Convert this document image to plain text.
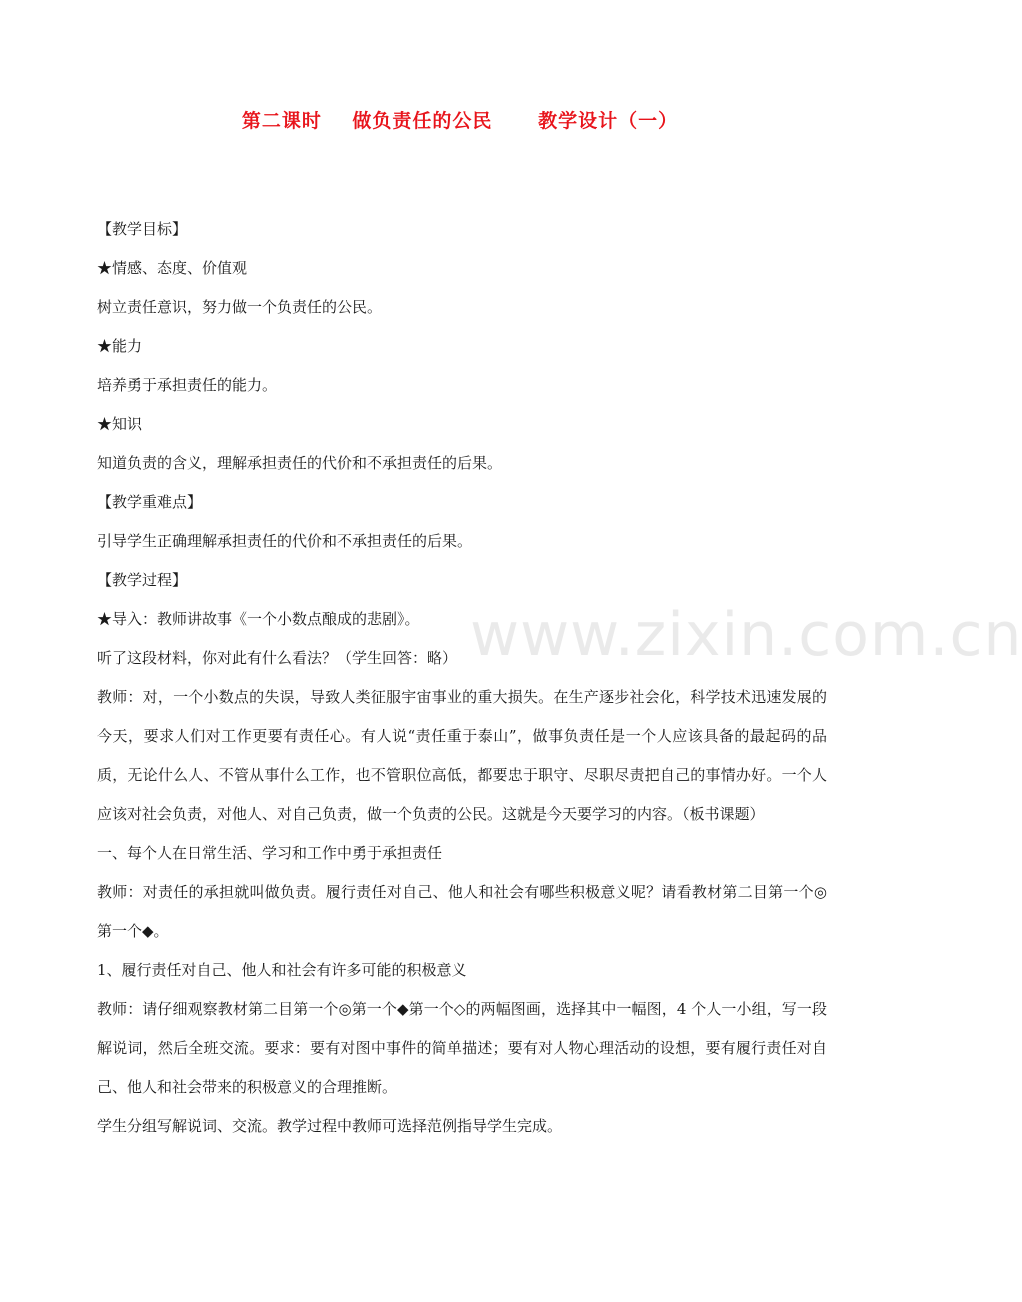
第二课时    做负责任的公民      教学设计（一）
www.zixin.com.cn

【教学目标】

★情感、态度、价值观

树立责任意识，努力做一个负责任的公民。

★能力

培养勇于承担责任的能力。

★知识

知道负责的含义，理解承担责任的代价和不承担责任的后果。

【教学重难点】

引导学生正确理解承担责任的代价和不承担责任的后果。

【教学过程】

★导入：教师讲故事《一个小数点酿成的悲剧》。

听了这段材料，你对此有什么看法？（学生回答：略）

教师：对，一个小数点的失误，导致人类征服宇宙事业的重大损失。在生产逐步社会化，科学技术迅速发展的今天，要求人们对工作更要有责任心。有人说“责任重于泰山”，做事负责任是一个人应该具备的最起码的品质，无论什么人、不管从事什么工作，也不管职位高低，都要忠于职守、尽职尽责把自己的事情办好。一个人应该对社会负责，对他人、对自己负责，做一个负责的公民。这就是今天要学习的内容。（板书课题）

一、每个人在日常生活、学习和工作中勇于承担责任

教师：对责任的承担就叫做负责。履行责任对自己、他人和社会有哪些积极意义呢？请看教材第二目第一个◎第一个◆。

1、履行责任对自己、他人和社会有许多可能的积极意义

教师：请仔细观察教材第二目第一个◎第一个◆第一个◇的两幅图画，选择其中一幅图，4 个人一小组，写一段解说词，然后全班交流。要求：要有对图中事件的简单描述；要有对人物心理活动的设想，要有履行责任对自己、他人和社会带来的积极意义的合理推断。

学生分组写解说词、交流。教学过程中教师可选择范例指导学生完成。
